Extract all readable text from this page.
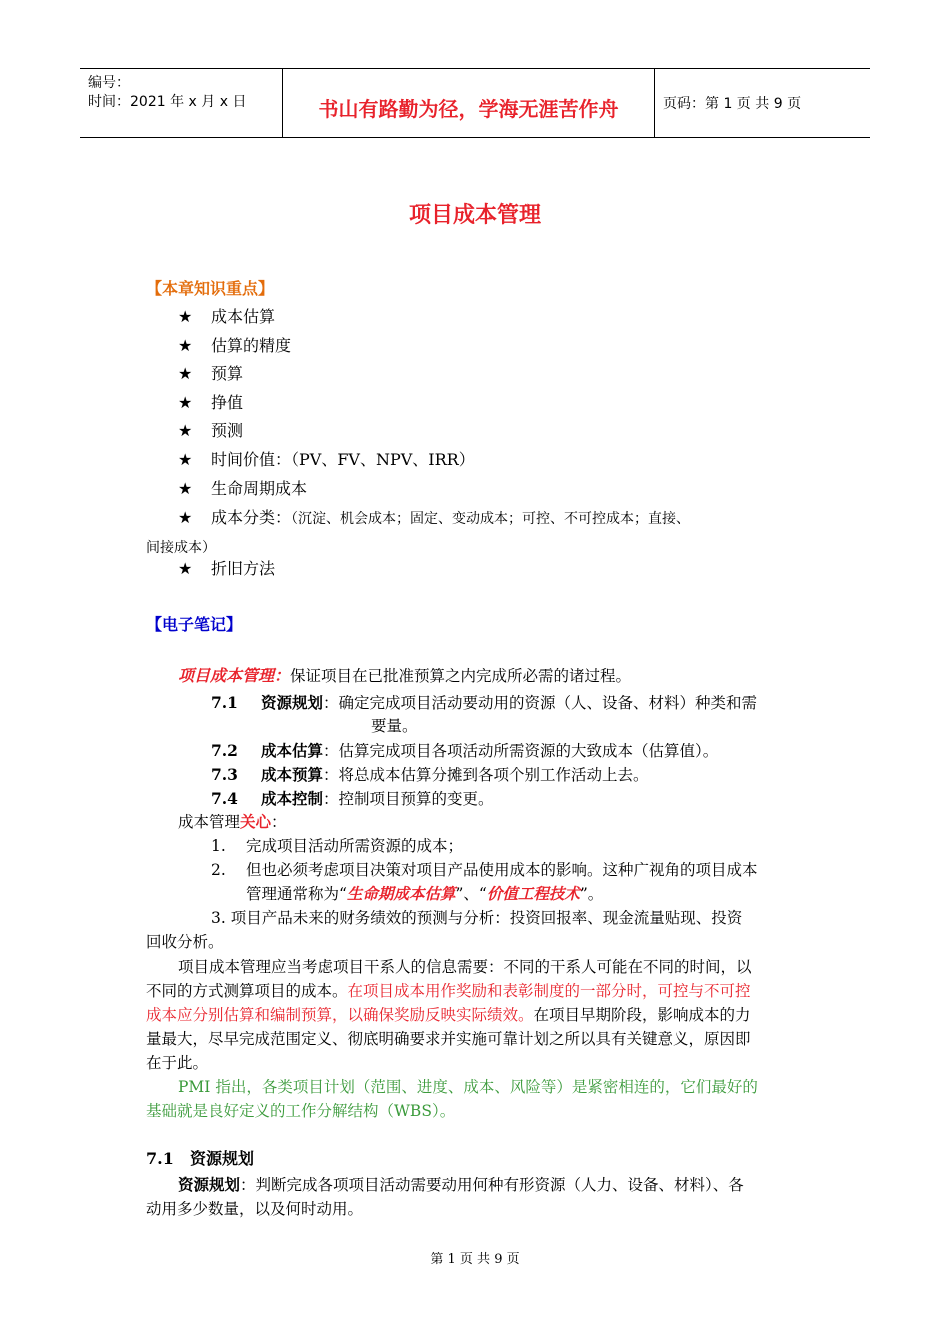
编号：
时间：2021 年 x 月 x 日	书山有路勤为径，学海无涯苦作舟	页码：第 1 页 共 9 页
项目成本管理
【本章知识重点】
★ 成本估算
★ 估算的精度
★ 预算
★ 挣值
★ 预测
★ 时间价值：（PV、FV、NPV、IRR）
★ 生命周期成本
★ 成本分类：（沉淀、机会成本；固定、变动成本；可控、不可控成本；直接、
间接成本）
★ 折旧方法
【电子笔记】
项目成本管理：保证项目在已批准预算之内完成所必需的诸过程。
7.1 资源规划：确定完成项目活动要动用的资源（人、设备、材料）种类和需
要量。
7.2 成本估算：估算完成项目各项活动所需资源的大致成本（估算值）。
7.3 成本预算：将总成本估算分摊到各项个别工作活动上去。
7.4 成本控制：控制项目预算的变更。
成本管理关心：
1. 完成项目活动所需资源的成本；
2. 但也必须考虑项目决策对项目产品使用成本的影响。这种广视角的项目成本
管理通常称为“生命期成本估算”、“价值工程技术”。
3. 项目产品未来的财务绩效的预测与分析：投资回报率、现金流量贴现、投资
回收分析。
项目成本管理应当考虑项目干系人的信息需要：不同的干系人可能在不同的时间，以
不同的方式测算项目的成本。在项目成本用作奖励和表彰制度的一部分时，可控与不可控
成本应分别估算和编制预算，以确保奖励反映实际绩效。在项目早期阶段，影响成本的力
量最大，尽早完成范围定义、彻底明确要求并实施可靠计划之所以具有关键意义，原因即
在于此。
PMI 指出，各类项目计划（范围、进度、成本、风险等）是紧密相连的，它们最好的
基础就是良好定义的工作分解结构（WBS）。
7.1 资源规划
资源规划：判断完成各项项目活动需要动用何种有形资源（人力、设备、材料）、各
动用多少数量，以及何时动用。
第 1 页 共 9 页
